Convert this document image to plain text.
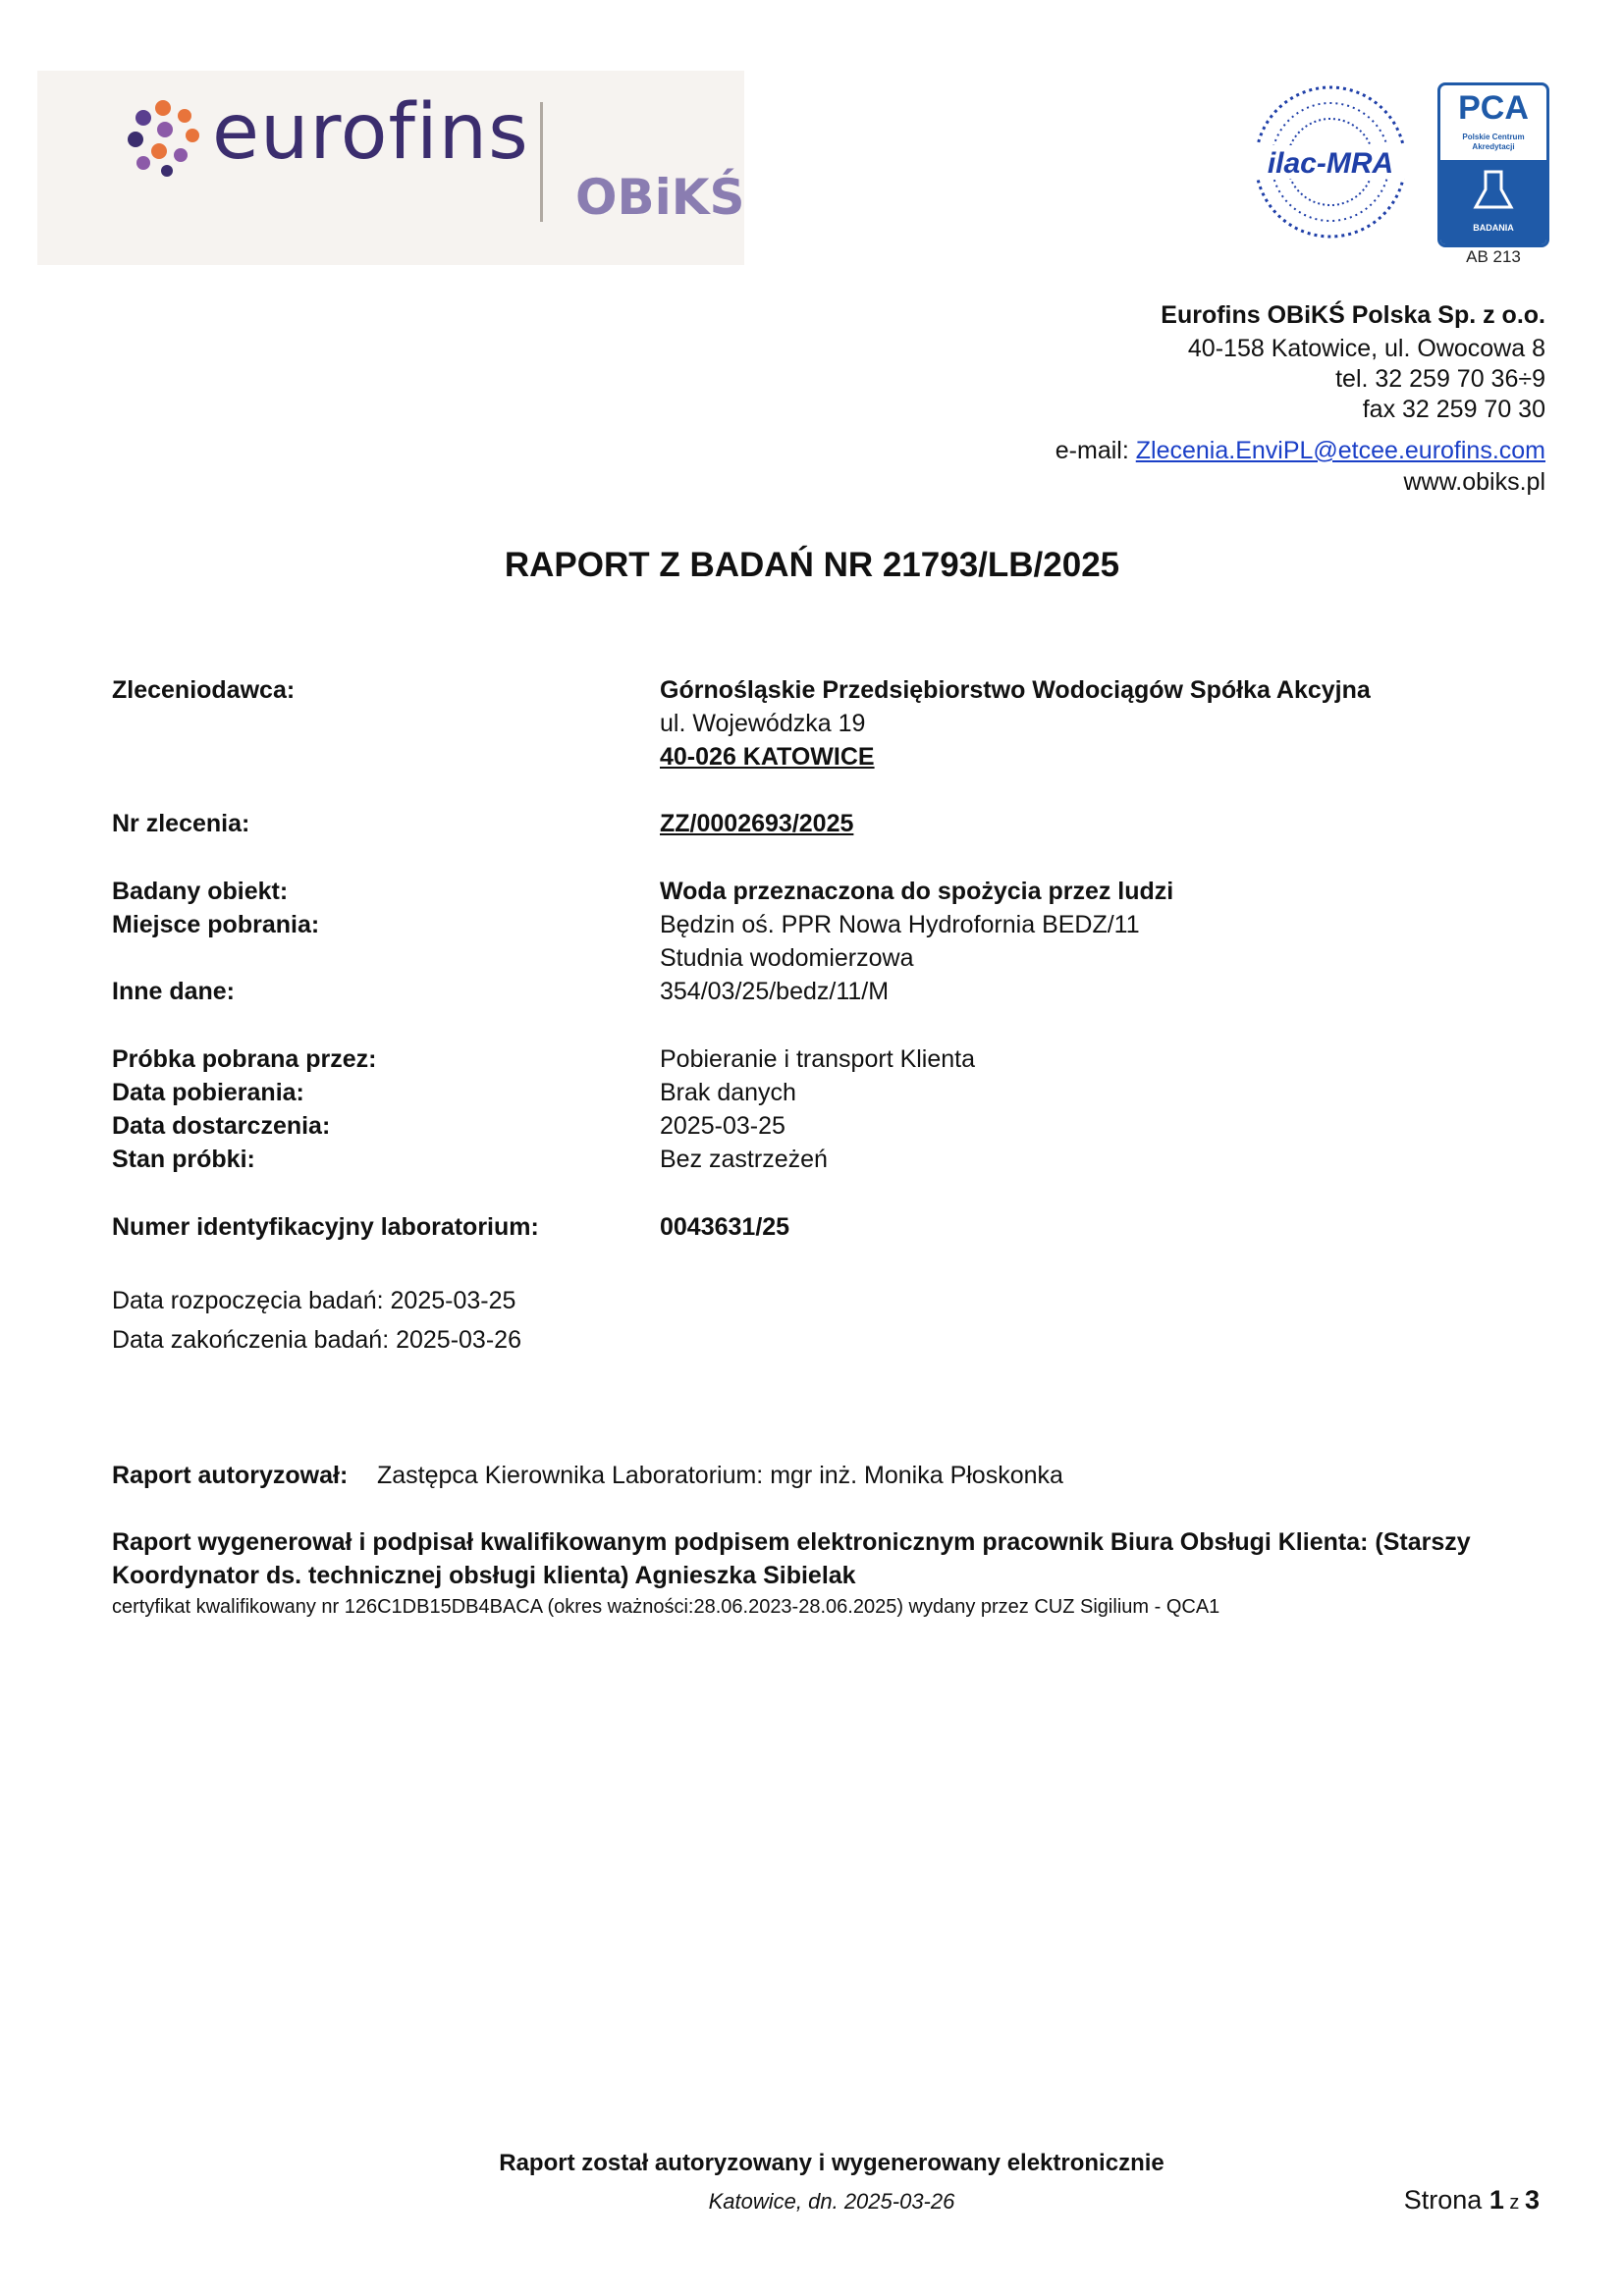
eurofins
OBiKŚ
ilac-MRA
PCA
Polskie Centrum
Akredytacji
BADANIA
AB 213
Eurofins OBiKŚ Polska Sp. z o.o.
40-158 Katowice, ul. Owocowa 8
tel. 32 259 70 36÷9
fax 32 259 70 30
e-mail: Zlecenia.EnviPL@etcee.eurofins.com
www.obiks.pl
RAPORT Z BADAŃ NR 21793/LB/2025
Zleceniodawca:	Górnośląskie Przedsiębiorstwo Wodociągów Spółka Akcyjna
ul. Wojewódzka 19
40-026 KATOWICE
Nr zlecenia:	ZZ/0002693/2025
Badany obiekt:	Woda przeznaczona do spożycia przez ludzi
Miejsce pobrania:	Będzin oś. PPR Nowa Hydrofornia BEDZ/11
Studnia wodomierzowa
Inne dane:	354/03/25/bedz/11/M
Próbka pobrana przez:	Pobieranie i transport Klienta
Data pobierania:	Brak danych
Data dostarczenia:	2025-03-25
Stan próbki:	Bez zastrzeżeń
Numer identyfikacyjny laboratorium:	0043631/25
Data rozpoczęcia badań: 2025-03-25
Data zakończenia badań: 2025-03-26
Raport autoryzował: Zastępca Kierownika Laboratorium: mgr inż. Monika Płoskonka
Raport wygenerował i podpisał kwalifikowanym podpisem elektronicznym pracownik Biura Obsługi Klienta: (Starszy
Koordynator ds. technicznej obsługi klienta) Agnieszka Sibielak
certyfikat kwalifikowany nr 126C1DB15DB4BACA (okres ważności:28.06.2023-28.06.2025) wydany przez CUZ Sigilium - QCA1
Raport został autoryzowany i wygenerowany elektronicznie
Katowice, dn. 2025-03-26	Strona 1 z 3
